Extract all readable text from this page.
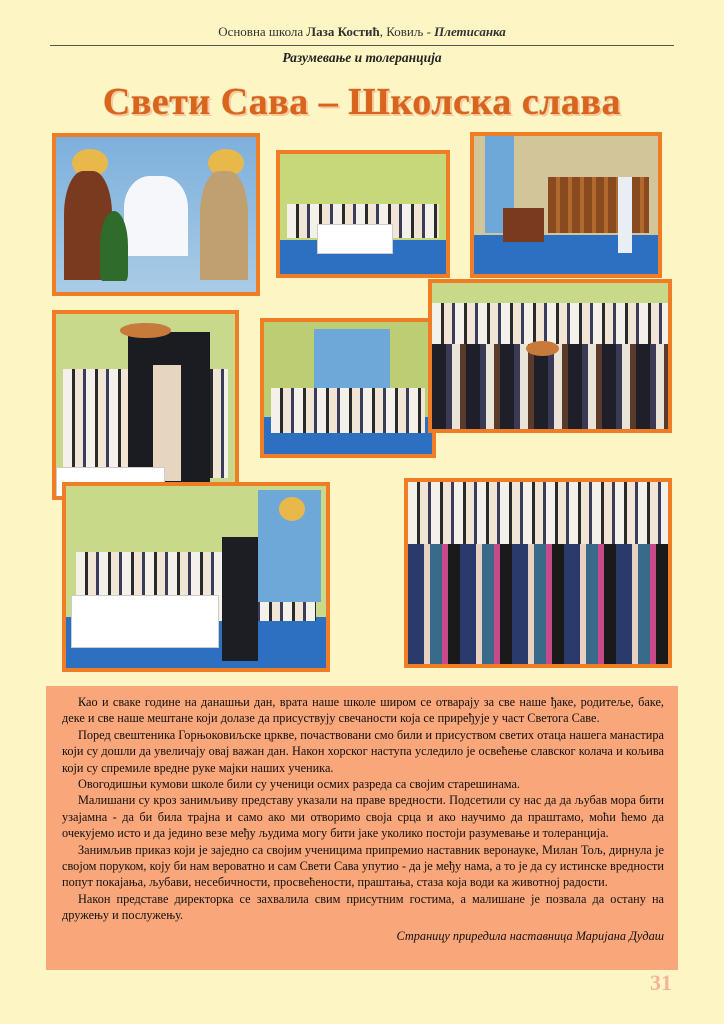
Основна школа Лаза Костић, Ковиљ - Плетисанка
Разумевање и толеранција
Свети Сава – Школска слава

Као и сваке године на данашњи дан, врата наше школе широм се отварају за све наше ђаке, родитеље, баке, деке и све наше мештане који долазе да присуствују свечаности која се приређује у част Светога Саве.

Поред свештеника Горњоковиљске цркве, почаствовани смо били и присуством светих отаца нашега манастира који су дошли да увеличају овај важан дан. Након хорског наступа уследило је освећење славског колача и кољива који су спремиле вредне руке мајки наших ученика.

Овогодишњи кумови школе били су ученици осмих разреда са својим старешинама.

Малишани су кроз занимљиву представу указали на праве вредности. Подсетили су нас да да љубав мора бити узајамна - да би била трајна и само ако ми отворимо своја срца и ако научимо да праштамо, моћи ћемо да очекујемо исто и да једино везе међу људима могу бити јаке уколико постоји разумевање и толеранција.

Занимљив приказ који је заједно са својим ученицима припремио наставник веронауке, Милан Тољ, дирнула је својом поруком, коју би нам вероватно и сам Свети Сава упутио - да је међу нама, а то је да су истинске вредности попут покајања, љубави, несебичности, просвећености, праштања, стаза која води ка животној радости.

Након представе директорка се захвалила свим присутним гостима, а малишане је позвала да остану на дружењу и послужењу.

Страницу приредила наставница Маријана Дудаш
31
